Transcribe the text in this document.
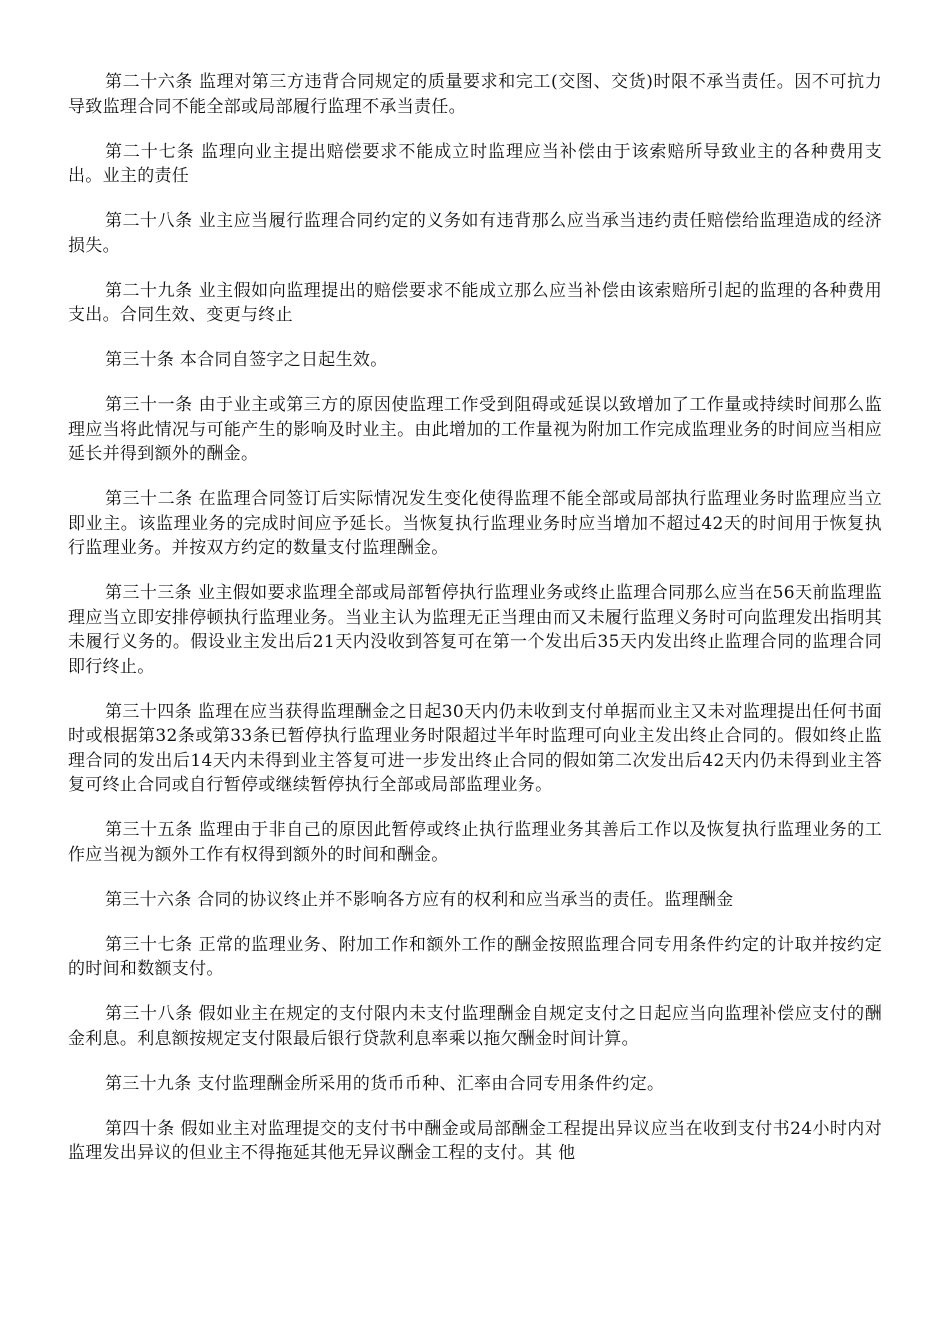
第二十六条 监理对第三方违背合同规定的质量要求和完工(交图、交货)时限不承当责任。因不可抗力导致监理合同不能全部或局部履行监理不承当责任。

第二十七条 监理向业主提出赔偿要求不能成立时监理应当补偿由于该索赔所导致业主的各种费用支出。业主的责任

第二十八条 业主应当履行监理合同约定的义务如有违背那么应当承当违约责任赔偿给监理造成的经济损失。

第二十九条 业主假如向监理提出的赔偿要求不能成立那么应当补偿由该索赔所引起的监理的各种费用支出。合同生效、变更与终止

第三十条 本合同自签字之日起生效。

第三十一条 由于业主或第三方的原因使监理工作受到阻碍或延误以致增加了工作量或持续时间那么监理应当将此情况与可能产生的影响及时业主。由此增加的工作量视为附加工作完成监理业务的时间应当相应延长并得到额外的酬金。

第三十二条 在监理合同签订后实际情况发生变化使得监理不能全部或局部执行监理业务时监理应当立即业主。该监理业务的完成时间应予延长。当恢复执行监理业务时应当增加不超过42天的时间用于恢复执行监理业务。并按双方约定的数量支付监理酬金。

第三十三条 业主假如要求监理全部或局部暂停执行监理业务或终止监理合同那么应当在56天前监理监理应当立即安排停顿执行监理业务。当业主认为监理无正当理由而又未履行监理义务时可向监理发出指明其未履行义务的。假设业主发出后21天内没收到答复可在第一个发出后35天内发出终止监理合同的监理合同即行终止。

第三十四条 监理在应当获得监理酬金之日起30天内仍未收到支付单据而业主又未对监理提出任何书面时或根据第32条或第33条已暂停执行监理业务时限超过半年时监理可向业主发出终止合同的。假如终止监理合同的发出后14天内未得到业主答复可进一步发出终止合同的假如第二次发出后42天内仍未得到业主答复可终止合同或自行暂停或继续暂停执行全部或局部监理业务。

第三十五条 监理由于非自己的原因此暂停或终止执行监理业务其善后工作以及恢复执行监理业务的工作应当视为额外工作有权得到额外的时间和酬金。

第三十六条 合同的协议终止并不影响各方应有的权利和应当承当的责任。监理酬金

第三十七条 正常的监理业务、附加工作和额外工作的酬金按照监理合同专用条件约定的计取并按约定的时间和数额支付。

第三十八条 假如业主在规定的支付限内未支付监理酬金自规定支付之日起应当向监理补偿应支付的酬金利息。利息额按规定支付限最后银行贷款利息率乘以拖欠酬金时间计算。

第三十九条 支付监理酬金所采用的货币币种、汇率由合同专用条件约定。

第四十条 假如业主对监理提交的支付书中酬金或局部酬金工程提出异议应当在收到支付书24小时内对监理发出异议的但业主不得拖延其他无异议酬金工程的支付。其 他
